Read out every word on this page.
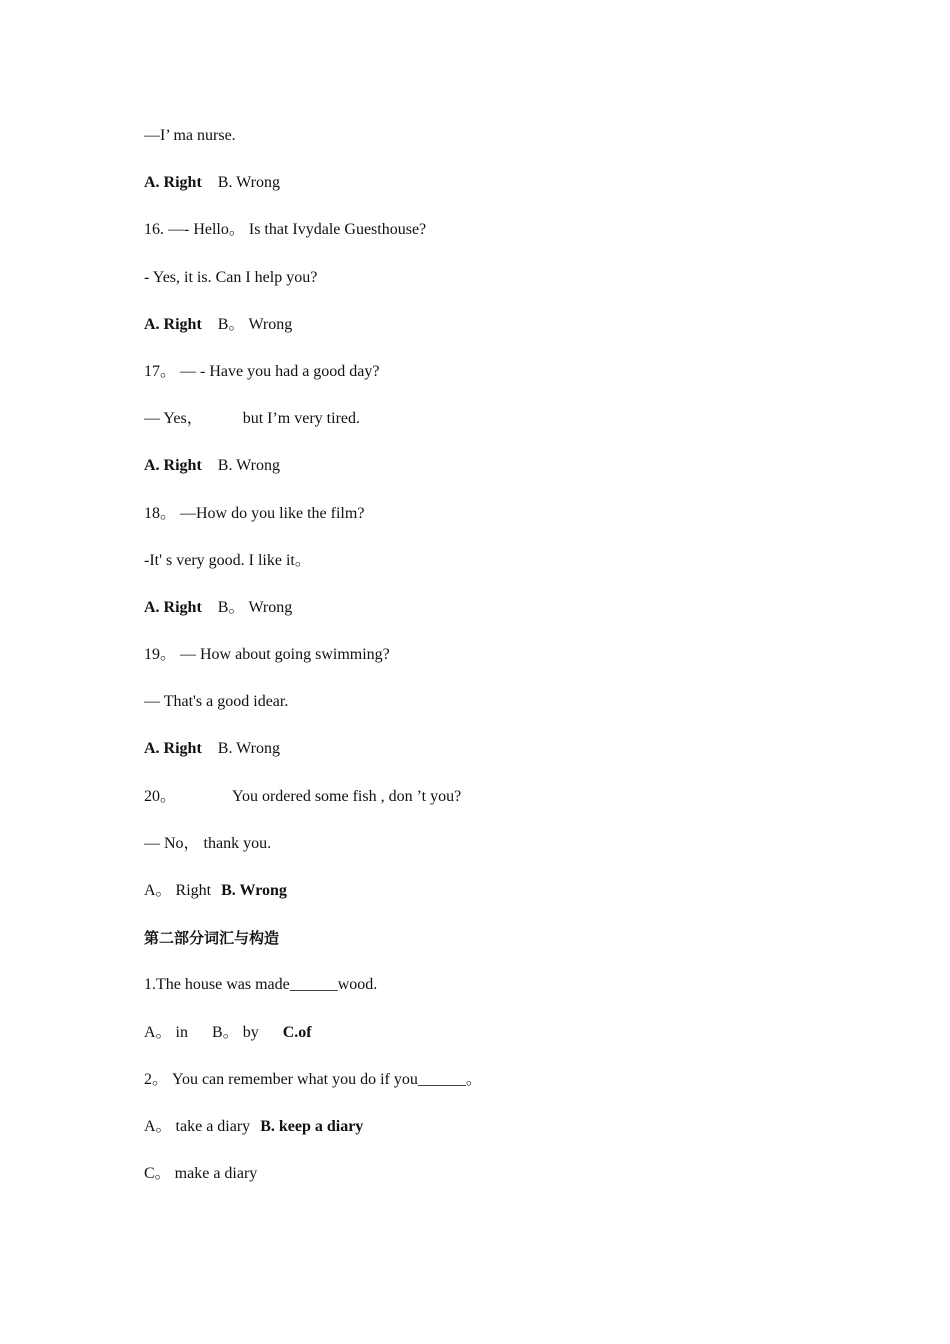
—I’ ma nurse.
A. Right B. Wrong
16. —- Hello。 Is that Ivydale Guesthouse?
- Yes, it is. Can I help you?
A. Right B。 Wrong
17。 — - Have you had a good day?
— Yes，	but I’m very tired.
A. Right B. Wrong
18。 —How do you like the film?
-It' s very good. I like it。
A. Right B。 Wrong
19。 — How about going swimming?
— That's a good idear.
A. Right B. Wrong
20。	You ordered some fish , don ’t you?
— No， thank you.
A。 Right B. Wrong
第二部分词汇与构造
1.The house was made______wood.
A。 in B。 by C.of
2。 You can remember what you do if you______。
A。 take a diary B. keep a diary
C。 make a diary
